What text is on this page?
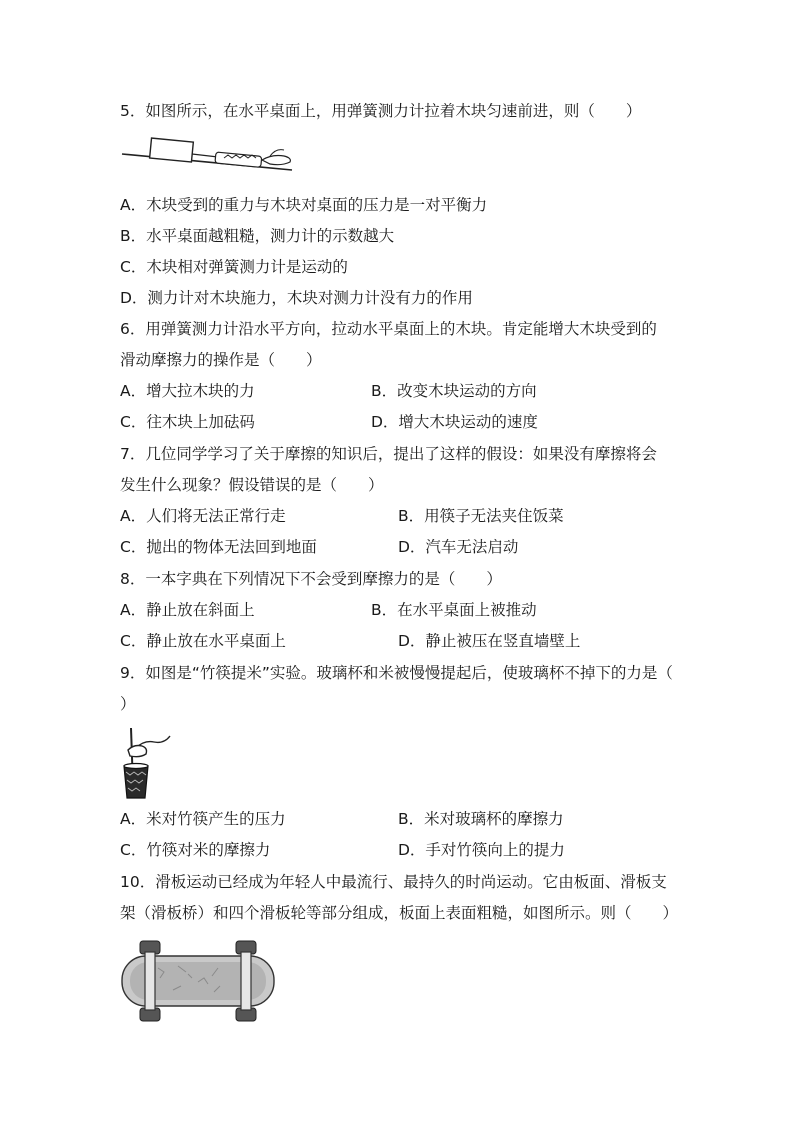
5．如图所示，在水平桌面上，用弹簧测力计拉着木块匀速前进，则（　　）
A．木块受到的重力与木块对桌面的压力是一对平衡力
B．水平桌面越粗糙，测力计的示数越大
C．木块相对弹簧测力计是运动的
D．测力计对木块施力，木块对测力计没有力的作用
6．用弹簧测力计沿水平方向，拉动水平桌面上的木块。肯定能增大木块受到的
滑动摩擦力的操作是（　　）
A．增大拉木块的力	B．改变木块运动的方向
C．往木块上加砝码	D．增大木块运动的速度
7．几位同学学习了关于摩擦的知识后，提出了这样的假设：如果没有摩擦将会
发生什么现象？假设错误的是（　　）
A．人们将无法正常行走	B．用筷子无法夹住饭菜
C．抛出的物体无法回到地面	D．汽车无法启动
8．一本字典在下列情况下不会受到摩擦力的是（　　）
A．静止放在斜面上	B．在水平桌面上被推动
C．静止放在水平桌面上	D．静止被压在竖直墙壁上
9．如图是“竹筷提米”实验。玻璃杯和米被慢慢提起后，使玻璃杯不掉下的力是（
）
A．米对竹筷产生的压力	B．米对玻璃杯的摩擦力
C．竹筷对米的摩擦力	D．手对竹筷向上的提力
10．滑板运动已经成为年轻人中最流行、最持久的时尚运动。它由板面、滑板支
架（滑板桥）和四个滑板轮等部分组成，板面上表面粗糙，如图所示。则（　　）
